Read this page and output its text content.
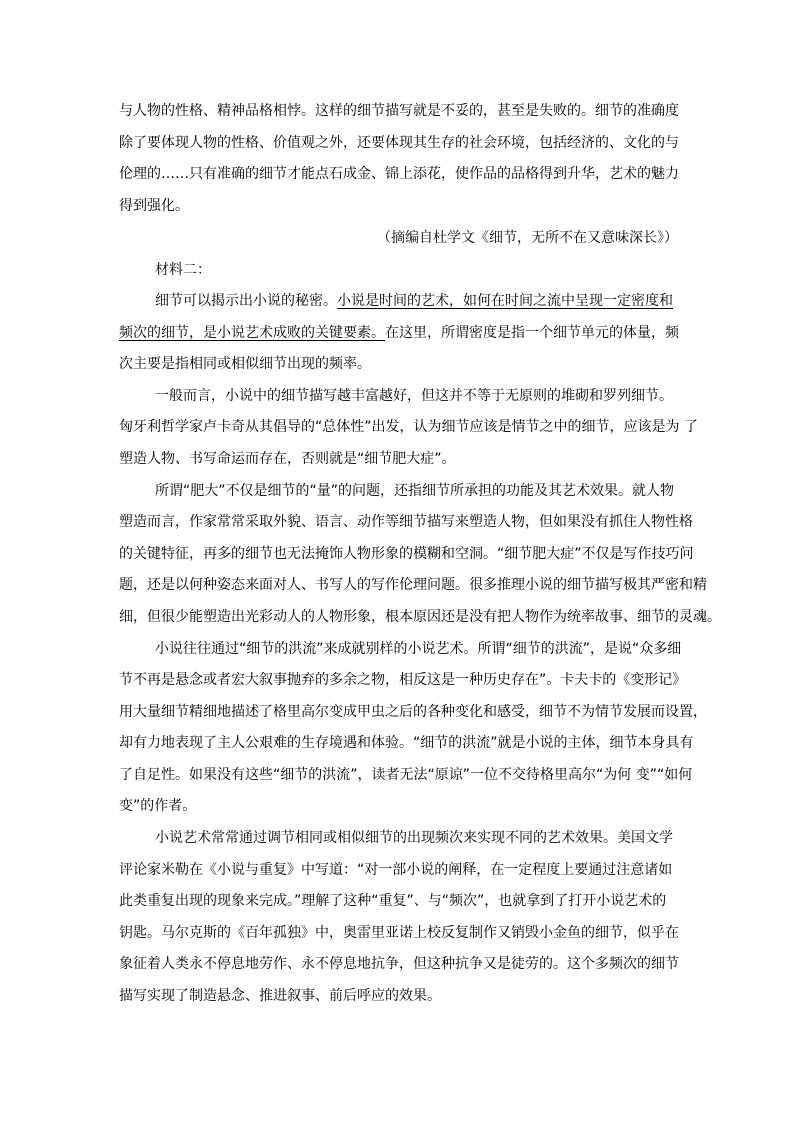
与人物的性格、精神品格相悖。这样的细节描写就是不妥的，甚至是失败的。细节的准确度
除了要体现人物的性格、价值观之外，还要体现其生存的社会环境，包括经济的、文化的与
伦理的……只有准确的细节才能点石成金、锦上添花，使作品的品格得到升华，艺术的魅力
得到强化。
（摘编自杜学文《细节，无所不在又意味深长》）
材料二：
细节可以揭示出小说的秘密。小说是时间的艺术，如何在时间之流中呈现一定密度和
频次的细节，是小说艺术成败的关键要素。在这里，所谓密度是指一个细节单元的体量，频
次主要是指相同或相似细节出现的频率。
一般而言，小说中的细节描写越丰富越好，但这并不等于无原则的堆砌和罗列细节。
匈牙利哲学家卢卡奇从其倡导的“总体性”出发，认为细节应该是情节之中的细节，应该是为 了
塑造人物、书写命运而存在，否则就是“细节肥大症”。
所谓“肥大”不仅是细节的“量”的问题，还指细节所承担的功能及其艺术效果。就人物
塑造而言，作家常常采取外貌、语言、动作等细节描写来塑造人物，但如果没有抓住人物性格
的关键特征，再多的细节也无法掩饰人物形象的模糊和空洞。“细节肥大症”不仅是写作技巧问
题，还是以何种姿态来面对人、书写人的写作伦理问题。很多推理小说的细节描写极其严密和精
细，但很少能塑造出光彩动人的人物形象，根本原因还是没有把人物作为统率故事、细节的灵魂。
小说往往通过“细节的洪流”来成就别样的小说艺术。所谓“细节的洪流”，是说“众多细
节不再是悬念或者宏大叙事抛弃的多余之物，相反这是一种历史存在”。卡夫卡的《变形记》
用大量细节精细地描述了格里高尔变成甲虫之后的各种变化和感受，细节不为情节发展而设置，
却有力地表现了主人公艰难的生存境遇和体验。“细节的洪流”就是小说的主体，细节本身具有
了自足性。如果没有这些“细节的洪流”，读者无法“原谅”一位不交待格里高尔“为何 变”“如何
变”的作者。
小说艺术常常通过调节相同或相似细节的出现频次来实现不同的艺术效果。美国文学
评论家米勒在《小说与重复》中写道：“对一部小说的阐释，在一定程度上要通过注意诸如
此类重复出现的现象来完成。”理解了这种“重复”、与“频次”，也就拿到了打开小说艺术的
钥匙。马尔克斯的《百年孤独》中，奥雷里亚诺上校反复制作又销毁小金鱼的细节，似乎在
象征着人类永不停息地劳作、永不停息地抗争，但这种抗争又是徒劳的。这个多频次的细节
描写实现了制造悬念、推进叙事、前后呼应的效果。
